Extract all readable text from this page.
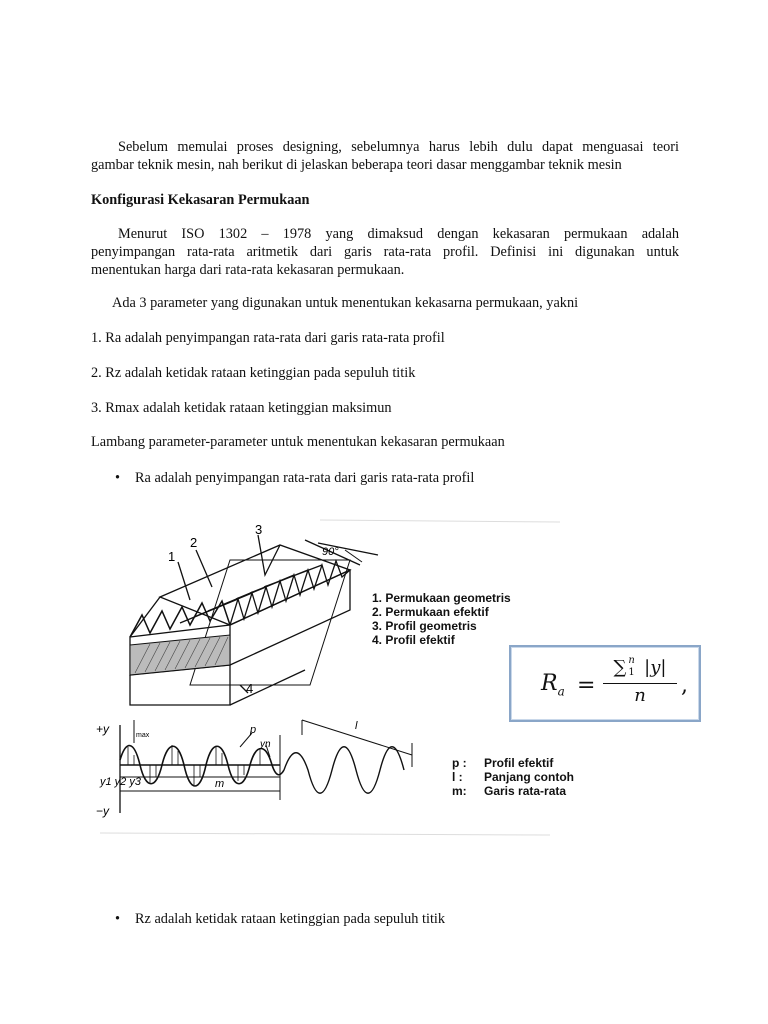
Sebelum memulai proses designing, sebelumnya harus lebih dulu dapat menguasai teori

gambar teknik mesin, nah berikut di jelaskan beberapa teori dasar menggambar teknik mesin

Konfigurasi Kekasaran Permukaan

Menurut ISO 1302 – 1978 yang dimaksud dengan kekasaran permukaan adalah

penyimpangan rata-rata aritmetik dari garis rata-rata profil. Definisi ini digunakan untuk

menentukan harga dari rata-rata kekasaran permukaan.

Ada 3 parameter yang digunakan untuk menentukan kekasarna permukaan, yakni

1. Ra adalah penyimpangan rata-rata dari garis rata-rata profil

2. Rz adalah ketidak rataan ketinggian pada sepuluh titik

3. Rmax adalah ketidak rataan ketinggian maksimun

Lambang parameter-parameter untuk menentukan kekasaran permukaan

• Ra adalah penyimpangan rata-rata dari garis rata-rata profil
1
2
3
4
90°
1. Permukaan geometris
2. Permukaan efektif
3. Profil geometris
4. Profil efektif
+y
−y
max	p
yn
y1 y2 y3	m
l
p : Profil efektif
l : Panjang contoh
m: Garis rata-rata
$R_a$ =
∑ n
1 |y|
n	,
• Rz adalah ketidak rataan ketinggian pada sepuluh titik
